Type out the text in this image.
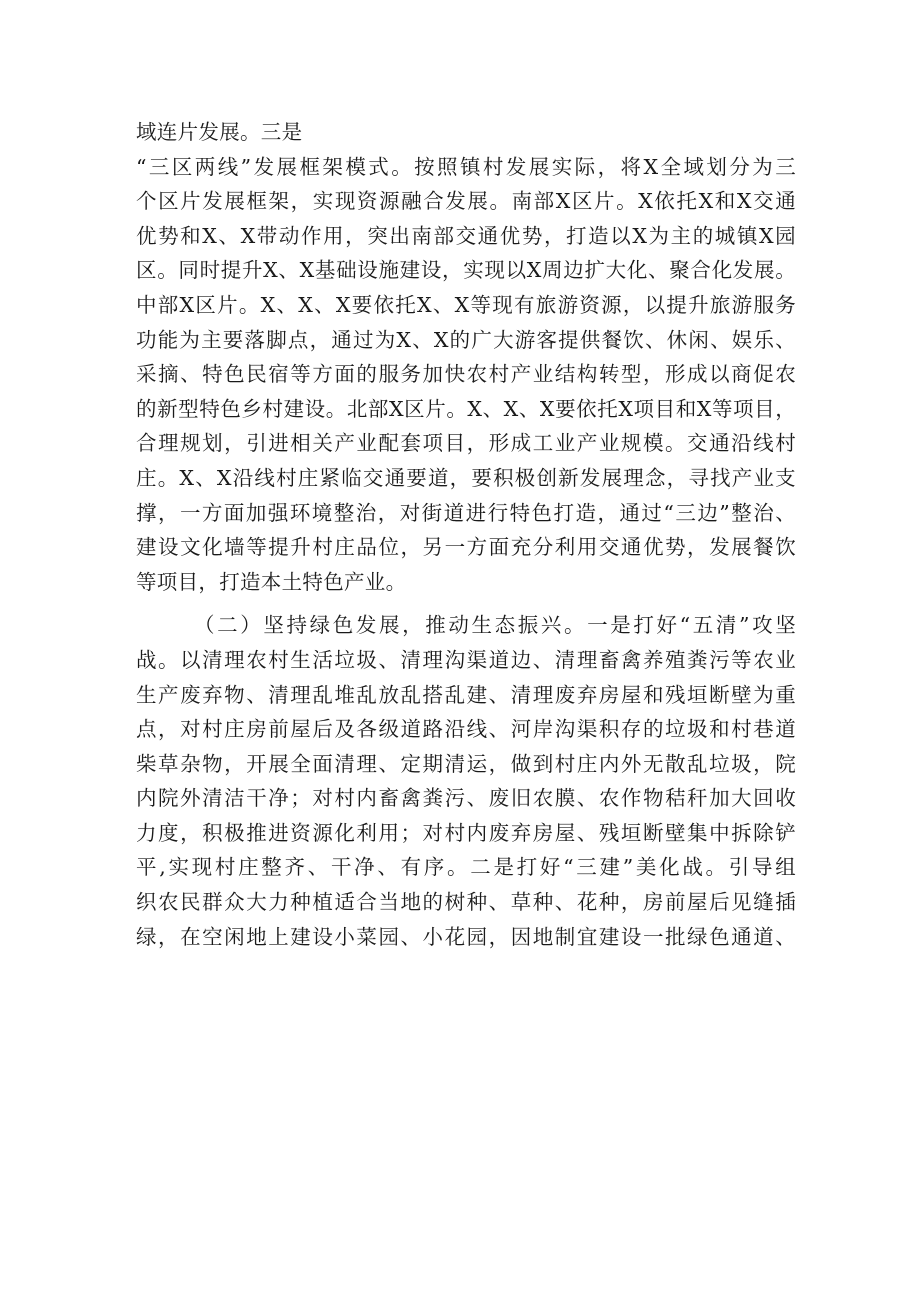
域连片发展。三是
“三区两线”发展框架模式。按照镇村发展实际，将X全域划分为三
个区片发展框架，实现资源融合发展。南部X区片。X依托X和X交通
优势和X、X带动作用，突出南部交通优势，打造以X为主的城镇X园
区。同时提升X、X基础设施建设，实现以X周边扩大化、聚合化发展。
中部X区片。X、X、X要依托X、X等现有旅游资源，以提升旅游服务
功能为主要落脚点，通过为X、X的广大游客提供餐饮、休闲、娱乐、
采摘、特色民宿等方面的服务加快农村产业结构转型，形成以商促农
的新型特色乡村建设。北部X区片。X、X、X要依托X项目和X等项目，
合理规划，引进相关产业配套项目，形成工业产业规模。交通沿线村
庄。X、X沿线村庄紧临交通要道，要积极创新发展理念，寻找产业支
撑，一方面加强环境整治，对街道进行特色打造，通过“三边”整治、
建设文化墙等提升村庄品位，另一方面充分利用交通优势，发展餐饮
等项目，打造本土特色产业。
（二）坚持绿色发展，推动生态振兴。一是打好“五清”攻坚
战。以清理农村生活垃圾、清理沟渠道边、清理畜禽养殖粪污等农业
生产废弃物、清理乱堆乱放乱搭乱建、清理废弃房屋和残垣断壁为重
点，对村庄房前屋后及各级道路沿线、河岸沟渠积存的垃圾和村巷道
柴草杂物，开展全面清理、定期清运，做到村庄内外无散乱垃圾，院
内院外清洁干净；对村内畜禽粪污、废旧农膜、农作物秸秆加大回收
力度，积极推进资源化利用；对村内废弃房屋、残垣断壁集中拆除铲
平,实现村庄整齐、干净、有序。二是打好“三建”美化战。引导组
织农民群众大力种植适合当地的树种、草种、花种，房前屋后见缝插
绿，在空闲地上建设小菜园、小花园，因地制宜建设一批绿色通道、
